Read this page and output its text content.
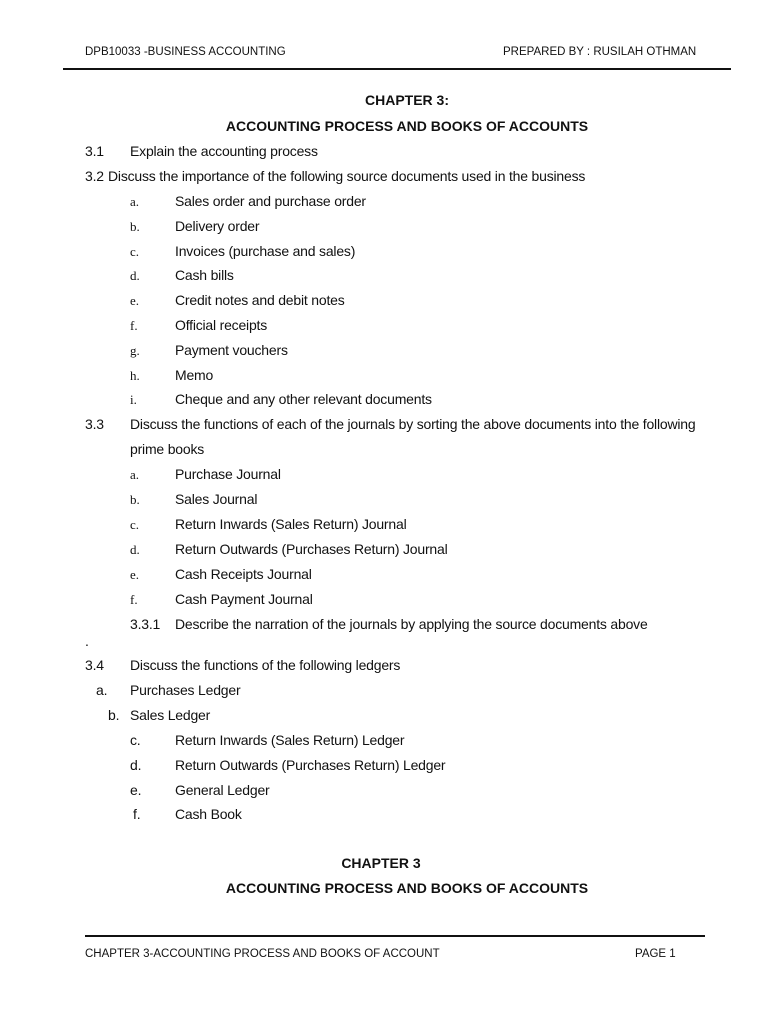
DPB10033 -BUSINESS ACCOUNTING	PREPARED BY : RUSILAH OTHMAN
CHAPTER 3:
ACCOUNTING PROCESS AND BOOKS OF ACCOUNTS
3.1 Explain the accounting process
3.2 Discuss the importance of the following source documents used in the business
a.	Sales order and purchase order
b.	Delivery order
c.	Invoices (purchase and sales)
d.	Cash bills
e.	Credit notes and debit notes
f.	Official receipts
g.	Payment vouchers
h.	Memo
i.	Cheque and any other relevant documents
3.3 Discuss the functions of each of the journals by sorting the above documents into the following
prime books
a.	Purchase Journal
b.	Sales Journal
c.	Return Inwards (Sales Return) Journal
d.	Return Outwards (Purchases Return) Journal
e.	Cash Receipts Journal
f.	Cash Payment Journal
3.3.1 Describe the narration of the journals by applying the source documents above
.
3.4 Discuss the functions of the following ledgers
a. Purchases Ledger
b. Sales Ledger
c. Return Inwards (Sales Return) Ledger
d. Return Outwards (Purchases Return) Ledger
e. General Ledger
f. Cash Book
CHAPTER 3
ACCOUNTING PROCESS AND BOOKS OF ACCOUNTS
CHAPTER 3-ACCOUNTING PROCESS AND BOOKS OF ACCOUNT	PAGE 1
